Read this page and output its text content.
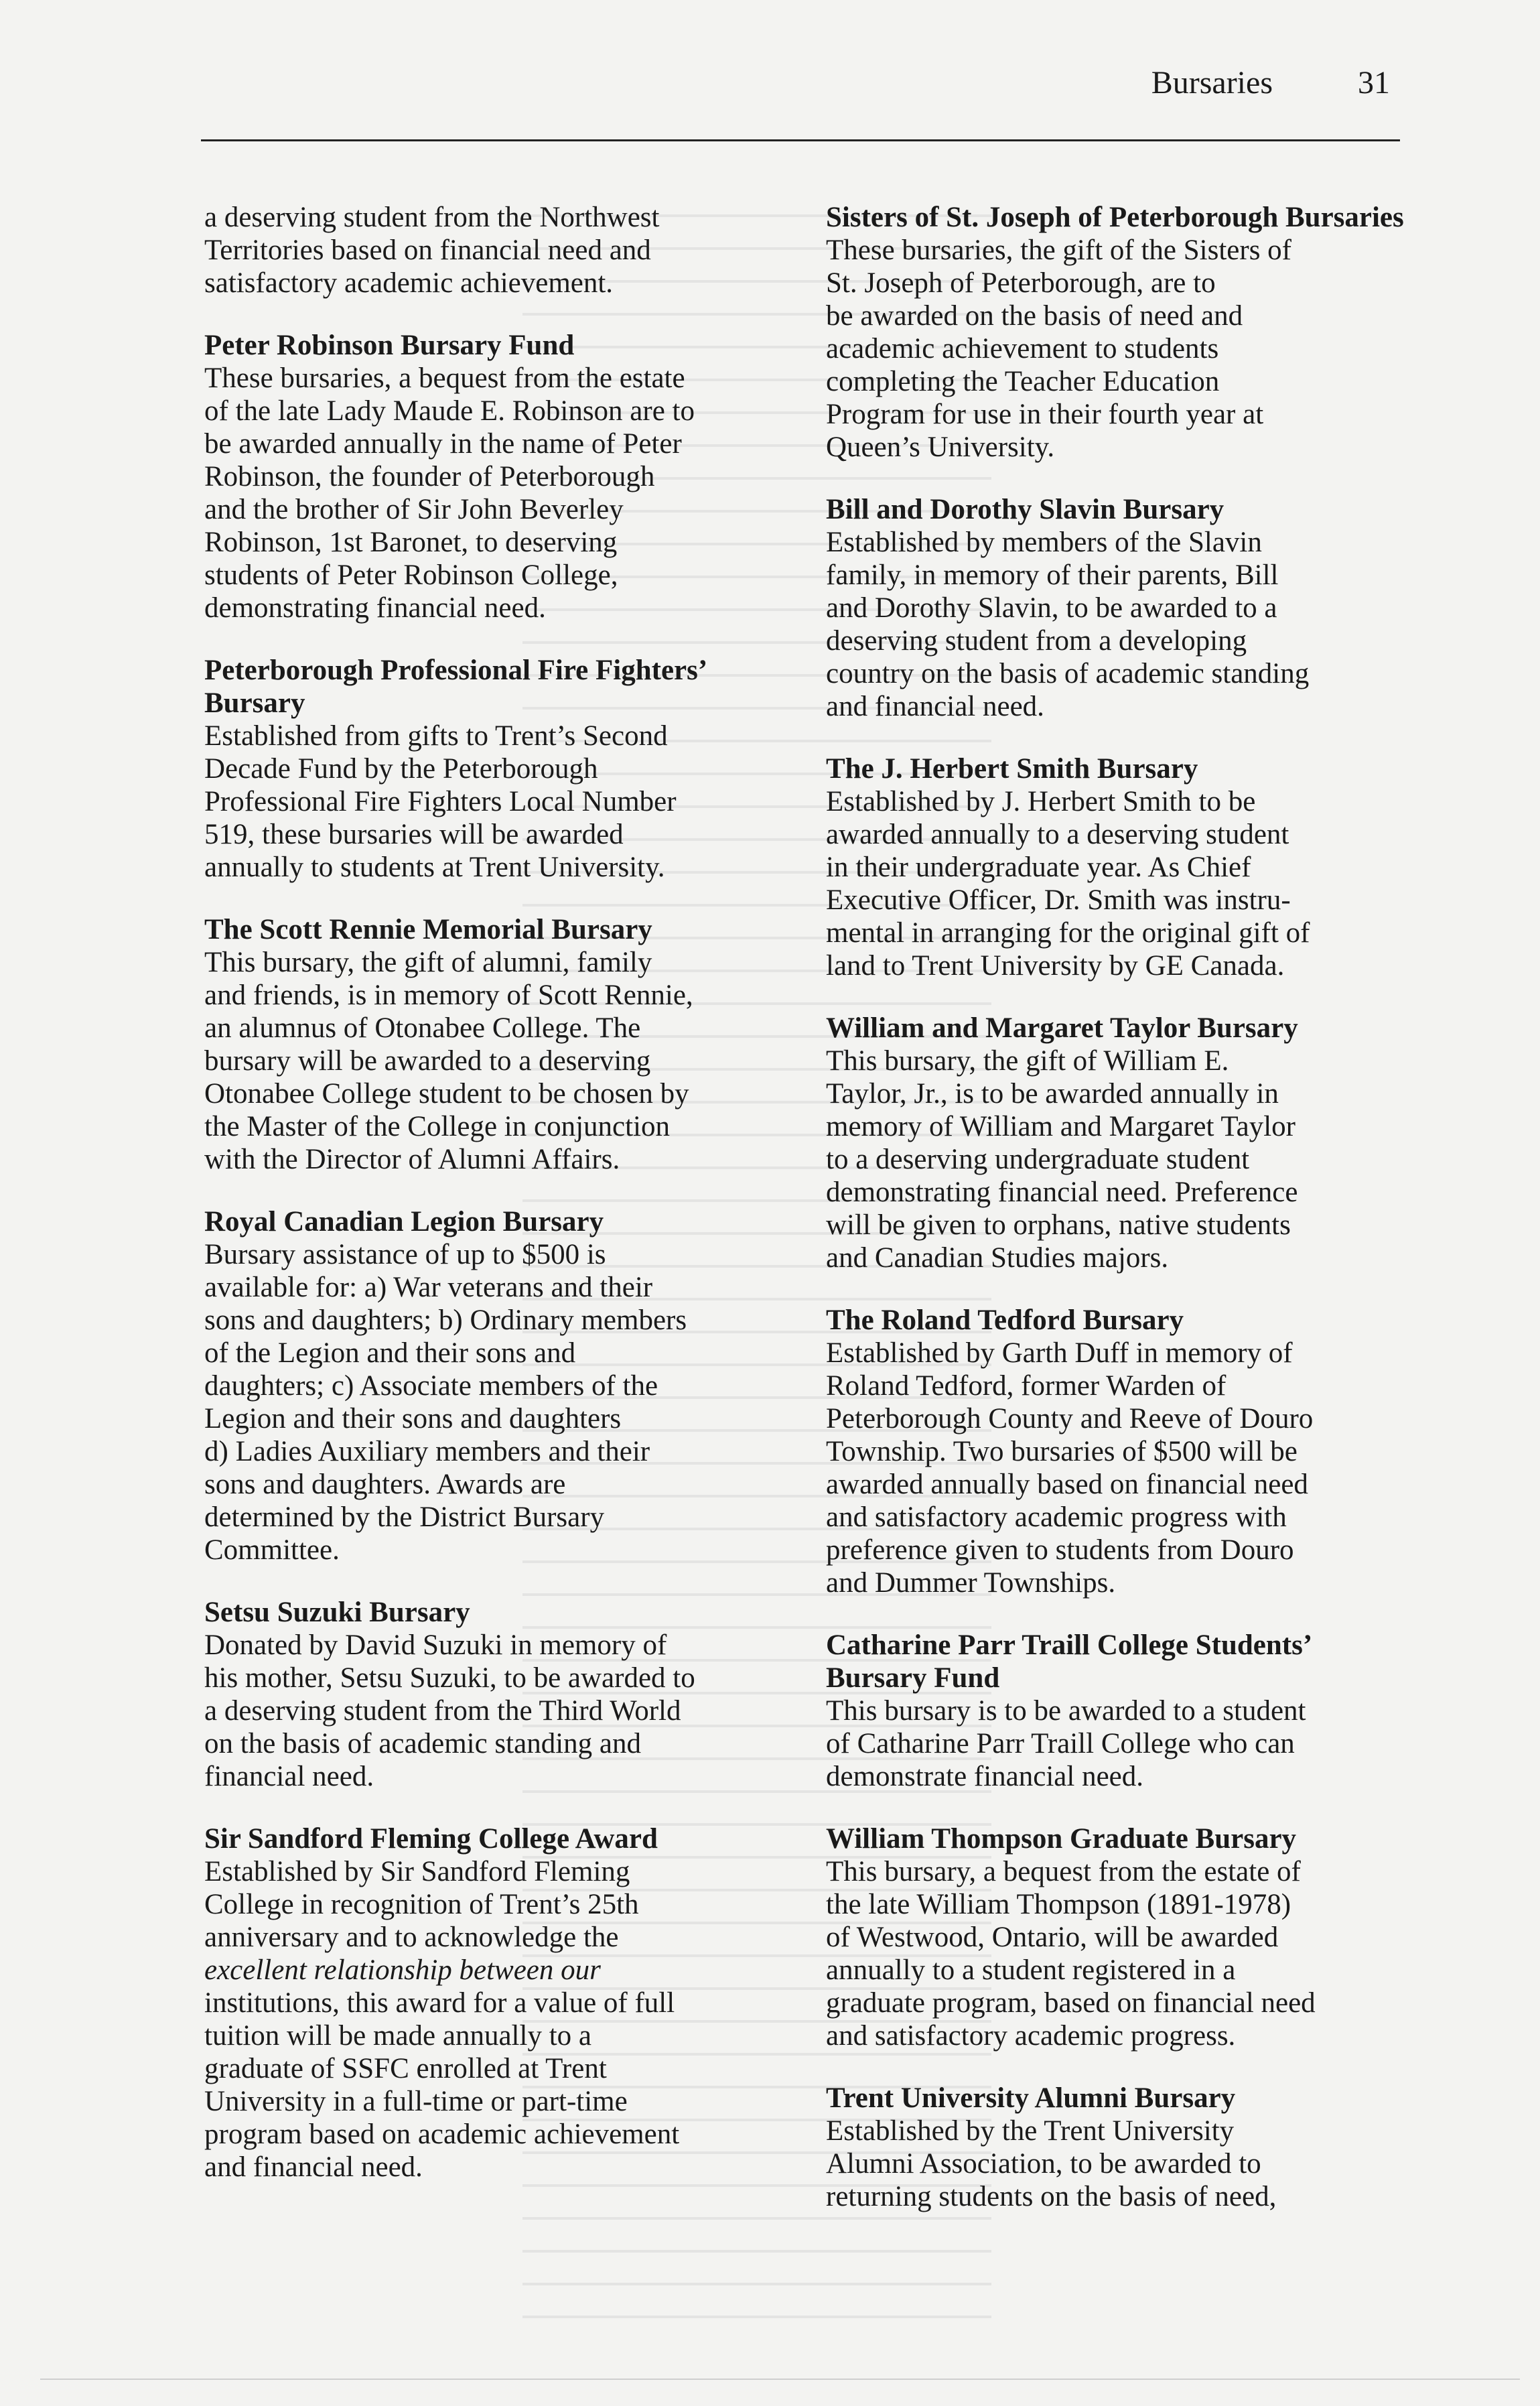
Bursaries	31

a deserving student from the Northwest
Territories based on financial need and
satisfactory academic achievement.

Peter Robinson Bursary Fund

These bursaries, a bequest from the estate
of the late Lady Maude E. Robinson are to
be awarded annually in the name of Peter
Robinson, the founder of Peterborough
and the brother of Sir John Beverley
Robinson, 1st Baronet, to deserving
students of Peter Robinson College,
demonstrating financial need.

Peterborough Professional Fire Fighters’ Bursary

Established from gifts to Trent’s Second
Decade Fund by the Peterborough
Professional Fire Fighters Local Number
519, these bursaries will be awarded
annually to students at Trent University.

The Scott Rennie Memorial Bursary

This bursary, the gift of alumni, family
and friends, is in memory of Scott Rennie,
an alumnus of Otonabee College. The
bursary will be awarded to a deserving
Otonabee College student to be chosen by
the Master of the College in conjunction
with the Director of Alumni Affairs.

Royal Canadian Legion Bursary

Bursary assistance of up to $500 is
available for: a) War veterans and their
sons and daughters; b) Ordinary members
of the Legion and their sons and
daughters; c) Associate members of the
Legion and their sons and daughters
d) Ladies Auxiliary members and their
sons and daughters. Awards are
determined by the District Bursary
Committee.

Setsu Suzuki Bursary

Donated by David Suzuki in memory of
his mother, Setsu Suzuki, to be awarded to
a deserving student from the Third World
on the basis of academic standing and
financial need.

Sir Sandford Fleming College Award

Established by Sir Sandford Fleming
College in recognition of Trent’s 25th
anniversary and to acknowledge the
excellent relationship between our
institutions, this award for a value of full
tuition will be made annually to a
graduate of SSFC enrolled at Trent
University in a full-time or part-time
program based on academic achievement
and financial need.

Sisters of St. Joseph of Peterborough Bursaries

These bursaries, the gift of the Sisters of
St. Joseph of Peterborough, are to
be awarded on the basis of need and
academic achievement to students
completing the Teacher Education
Program for use in their fourth year at
Queen’s University.

Bill and Dorothy Slavin Bursary

Established by members of the Slavin
family, in memory of their parents, Bill
and Dorothy Slavin, to be awarded to a
deserving student from a developing
country on the basis of academic standing
and financial need.

The J. Herbert Smith Bursary

Established by J. Herbert Smith to be
awarded annually to a deserving student
in their undergraduate year. As Chief
Executive Officer, Dr. Smith was instru-
mental in arranging for the original gift of
land to Trent University by GE Canada.

William and Margaret Taylor Bursary

This bursary, the gift of William E.
Taylor, Jr., is to be awarded annually in
memory of William and Margaret Taylor
to a deserving undergraduate student
demonstrating financial need. Preference
will be given to orphans, native students
and Canadian Studies majors.

The Roland Tedford Bursary

Established by Garth Duff in memory of
Roland Tedford, former Warden of
Peterborough County and Reeve of Douro
Township. Two bursaries of $500 will be
awarded annually based on financial need
and satisfactory academic progress with
preference given to students from Douro
and Dummer Townships.

Catharine Parr Traill College Students’ Bursary Fund

This bursary is to be awarded to a student
of Catharine Parr Traill College who can
demonstrate financial need.

William Thompson Graduate Bursary

This bursary, a bequest from the estate of
the late William Thompson (1891-1978)
of Westwood, Ontario, will be awarded
annually to a student registered in a
graduate program, based on financial need
and satisfactory academic progress.

Trent University Alumni Bursary

Established by the Trent University
Alumni Association, to be awarded to
returning students on the basis of need,
